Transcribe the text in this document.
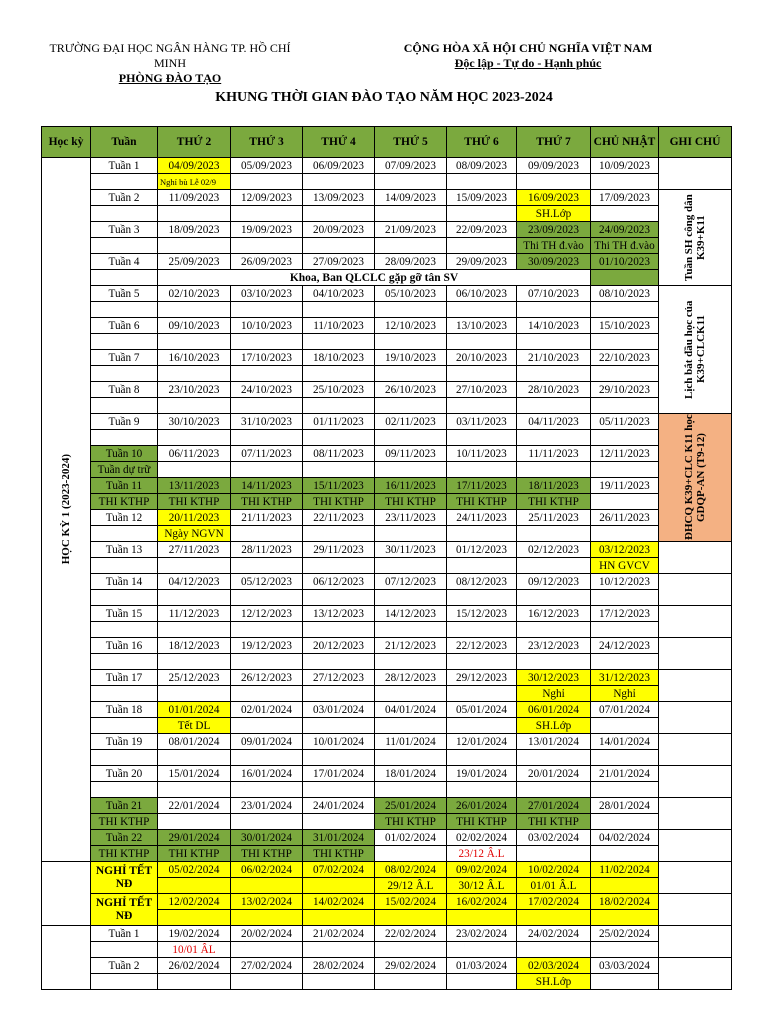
TRƯỜNG ĐẠI HỌC NGÂN HÀNG TP. HỒ CHÍ MINH
PHÒNG ĐÀO TẠO
CỘNG HÒA XÃ HỘI CHỦ NGHĨA VIỆT NAM
Độc lập - Tự do - Hạnh phúc
KHUNG THỜI GIAN ĐÀO TẠO NĂM HỌC 2023-2024
Học kỳ	Tuần	THỨ 2	THỨ 3	THỨ 4	THỨ 5	THỨ 6	THỨ 7	CHỦ NHẬT	GHI CHÚ

HỌC KỲ 1 (2023-2024)	Tuần 1	04/09/2023	05/09/2023	06/09/2023	07/09/2023	08/09/2023	09/09/2023	10/09/2023	
		Nghỉ bù Lễ 02/9							
	Tuần 2	11/09/2023	12/09/2023	13/09/2023	14/09/2023	15/09/2023	16/09/2023	17/09/2023	Tuần SH công dân K39+K11

							SH.Lớp		
	Tuần 3	18/09/2023	19/09/2023	20/09/2023	21/09/2023	22/09/2023	23/09/2023	24/09/2023	
							Thi TH đ.vào	Thi TH đ.vào	
	Tuần 4	25/09/2023	26/09/2023	27/09/2023	28/09/2023	29/09/2023	30/09/2023	01/10/2023	
		Khoa, Ban QLCLC gặp gỡ tân SV							
	Tuần 5	02/10/2023	03/10/2023	04/10/2023	05/10/2023	06/10/2023	07/10/2023	08/10/2023	Lịch bắt đầu học của K39+CLCK11

	Tuần 6	09/10/2023	10/10/2023	11/10/2023	12/10/2023	13/10/2023	14/10/2023	15/10/2023	

	Tuần 7	16/10/2023	17/10/2023	18/10/2023	19/10/2023	20/10/2023	21/10/2023	22/10/2023	

	Tuần 8	23/10/2023	24/10/2023	25/10/2023	26/10/2023	27/10/2023	28/10/2023	29/10/2023	

	Tuần 9	30/10/2023	31/10/2023	01/11/2023	02/11/2023	03/11/2023	04/11/2023	05/11/2023	ĐHCQ K39+CLC K11 học GDQP-AN (T9-12)

	Tuần 10	06/11/2023	07/11/2023	08/11/2023	09/11/2023	10/11/2023	11/11/2023	12/11/2023	
	Tuần dự trữ								
	Tuần 11	13/11/2023	14/11/2023	15/11/2023	16/11/2023	17/11/2023	18/11/2023	19/11/2023	
	THI KTHP	THI KTHP	THI KTHP	THI KTHP	THI KTHP	THI KTHP	THI KTHP		
	Tuần 12	20/11/2023	21/11/2023	22/11/2023	23/11/2023	24/11/2023	25/11/2023	26/11/2023	
		Ngày NGVN							
	Tuần 13	27/11/2023	28/11/2023	29/11/2023	30/11/2023	01/12/2023	02/12/2023	03/12/2023	
								HN GVCV	
	Tuần 14	04/12/2023	05/12/2023	06/12/2023	07/12/2023	08/12/2023	09/12/2023	10/12/2023	

	Tuần 15	11/12/2023	12/12/2023	13/12/2023	14/12/2023	15/12/2023	16/12/2023	17/12/2023	

	Tuần 16	18/12/2023	19/12/2023	20/12/2023	21/12/2023	22/12/2023	23/12/2023	24/12/2023	

	Tuần 17	25/12/2023	26/12/2023	27/12/2023	28/12/2023	29/12/2023	30/12/2023	31/12/2023	
							Nghỉ	Nghỉ	
	Tuần 18	01/01/2024	02/01/2024	03/01/2024	04/01/2024	05/01/2024	06/01/2024	07/01/2024	
		Tết DL					SH.Lớp		
	Tuần 19	08/01/2024	09/01/2024	10/01/2024	11/01/2024	12/01/2024	13/01/2024	14/01/2024	

	Tuần 20	15/01/2024	16/01/2024	17/01/2024	18/01/2024	19/01/2024	20/01/2024	21/01/2024	

	Tuần 21	22/01/2024	23/01/2024	24/01/2024	25/01/2024	26/01/2024	27/01/2024	28/01/2024	
	THI KTHP				THI KTHP	THI KTHP	THI KTHP		
	Tuần 22	29/01/2024	30/01/2024	31/01/2024	01/02/2024	02/02/2024	03/02/2024	04/02/2024	
	THI KTHP	THI KTHP	THI KTHP	THI KTHP		23/12 Â.L			
	NGHỈ TẾT NĐ	05/02/2024	06/02/2024	07/02/2024	08/02/2024	09/02/2024	10/02/2024	11/02/2024	
					29/12 Â.L	30/12 Â.L	01/01 Â.L		
	NGHỈ TẾT NĐ	12/02/2024	13/02/2024	14/02/2024	15/02/2024	16/02/2024	17/02/2024	18/02/2024	

	Tuần 1	19/02/2024	20/02/2024	21/02/2024	22/02/2024	23/02/2024	24/02/2024	25/02/2024	
		10/01 ÂL							
	Tuần 2	26/02/2024	27/02/2024	28/02/2024	29/02/2024	01/03/2024	02/03/2024	03/03/2024	
							SH.Lớp		
